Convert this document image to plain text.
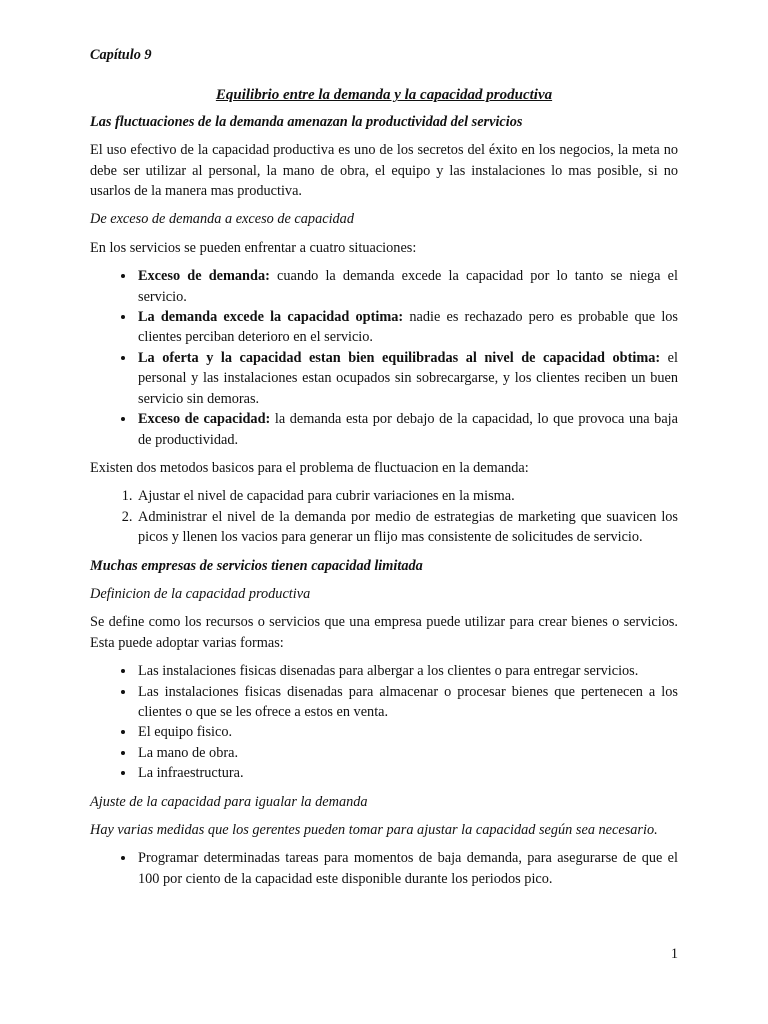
Capítulo 9
Equilibrio entre la demanda y la capacidad productiva
Las fluctuaciones de la demanda amenazan la productividad del servicios

El uso efectivo de la capacidad productiva es uno de los secretos del éxito en los negocios, la meta no debe ser utilizar al personal, la mano de obra, el equipo y las instalaciones lo mas posible, si no usarlos de la manera mas productiva.

De exceso de demanda a exceso de capacidad

En los servicios se pueden enfrentar a cuatro situaciones:

• Exceso de demanda: cuando la demanda excede la capacidad por lo tanto se niega el servicio.
• La demanda excede la capacidad optima: nadie es rechazado pero es probable que los clientes perciban deterioro en el servicio.
• La oferta y la capacidad estan bien equilibradas al nivel de capacidad obtima: el personal y las instalaciones estan ocupados sin sobrecargarse, y los clientes reciben un buen servicio sin demoras.
• Exceso de capacidad: la demanda esta por debajo de la capacidad, lo que provoca una baja de productividad.

Existen dos metodos basicos para el problema de fluctuacion en la demanda:

1. Ajustar el nivel de capacidad para cubrir variaciones en la misma.
2. Administrar el nivel de la demanda por medio de estrategias de marketing que suavicen los picos y llenen los vacios para generar un flijo mas consistente de solicitudes de servicio.
Muchas empresas de servicios tienen capacidad limitada
Definicion de la capacidad productiva

Se define como los recursos o servicios que una empresa puede utilizar para crear bienes o servicios. Esta puede adoptar varias formas:

• Las instalaciones fisicas disenadas para albergar a los clientes o para entregar servicios.
• Las instalaciones fisicas disenadas para almacenar o procesar bienes que pertenecen a los clientes o que se les ofrece a estos en venta.
• El equipo fisico.
• La mano de obra.
• La infraestructura.
Ajuste de la capacidad para igualar la demanda

Hay varias medidas que los gerentes pueden tomar para ajustar la capacidad según sea necesario.

• Programar determinadas tareas para momentos de baja demanda, para asegurarse de que el 100 por ciento de la capacidad este disponible durante los periodos pico.
1
